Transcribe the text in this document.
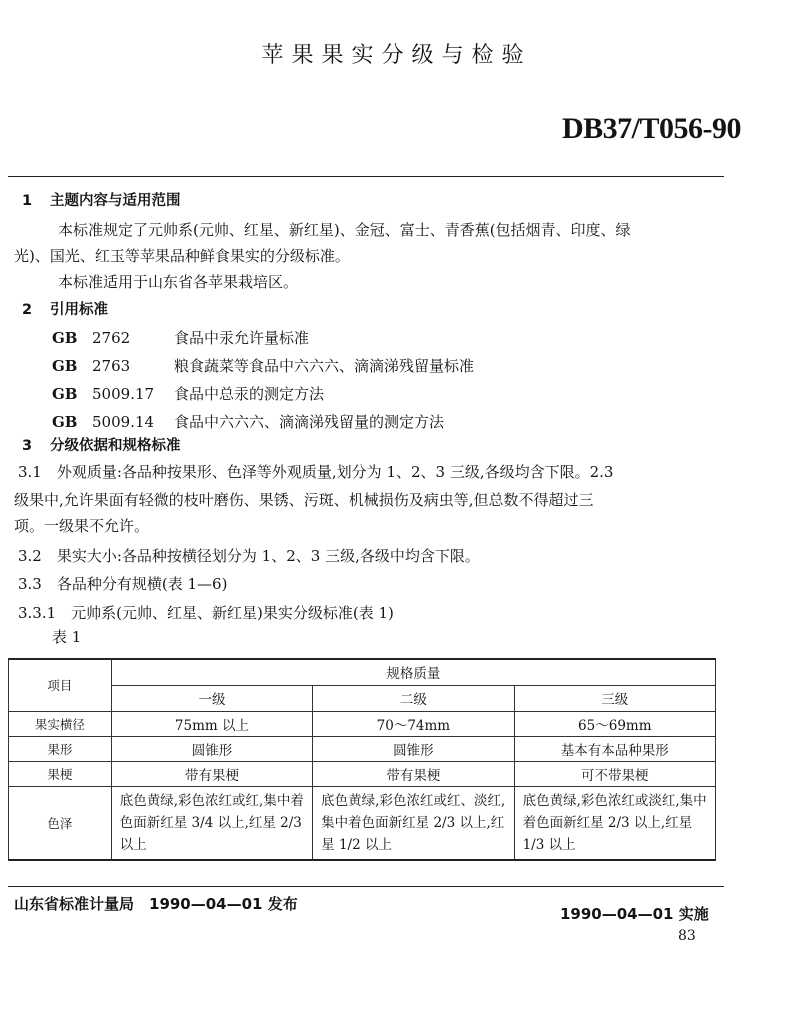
苹果果实分级与检验
DB37/T056-90
1 主题内容与适用范围
本标准规定了元帅系(元帅、红星、新红星)、金冠、富士、青香蕉(包括烟青、印度、绿
光)、国光、红玉等苹果品种鲜食果实的分级标准。
本标准适用于山东省各苹果栽培区。
2 引用标准
GB 2762	食品中汞允许量标准
GB 2763	粮食蔬菜等食品中六六六、滴滴涕残留量标准
GB 5009.17 食品中总汞的测定方法
GB 5009.14 食品中六六六、滴滴涕残留量的测定方法
3 分级依据和规格标准
3.1　外观质量:各品种按果形、色泽等外观质量,划分为 1、2、3 三级,各级均含下限。2.3
级果中,允许果面有轻微的枝叶磨伤、果锈、污斑、机械损伤及病虫等,但总数不得超过三
项。一级果不允许。
3.2　果实大小:各品种按横径划分为 1、2、3 三级,各级中均含下限。
3.3　各品种分有规横(表 1—6)
3.3.1　元帅系(元帅、红星、新红星)果实分级标准(表 1)
表 1
项目	规格质量		
	一级	二级	三级
果实横径	75mm 以上	70～74mm	65～69mm
果形	圆锥形	圆锥形	基本有本品种果形
果梗	带有果梗	带有果梗	可不带果梗
色泽	底色黄绿,彩色浓红或红,集中着色面新红星 3/4 以上,红星 2/3 以上	底色黄绿,彩色浓红或红、淡红,集中着色面新红星 2/3 以上,红星 1/2 以上	底色黄绿,彩色浓红或淡红,集中着色面新红星 2/3 以上,红星 1/3 以上
山东省标准计量局　1990—04—01 发布
1990—04—01 实施
83
